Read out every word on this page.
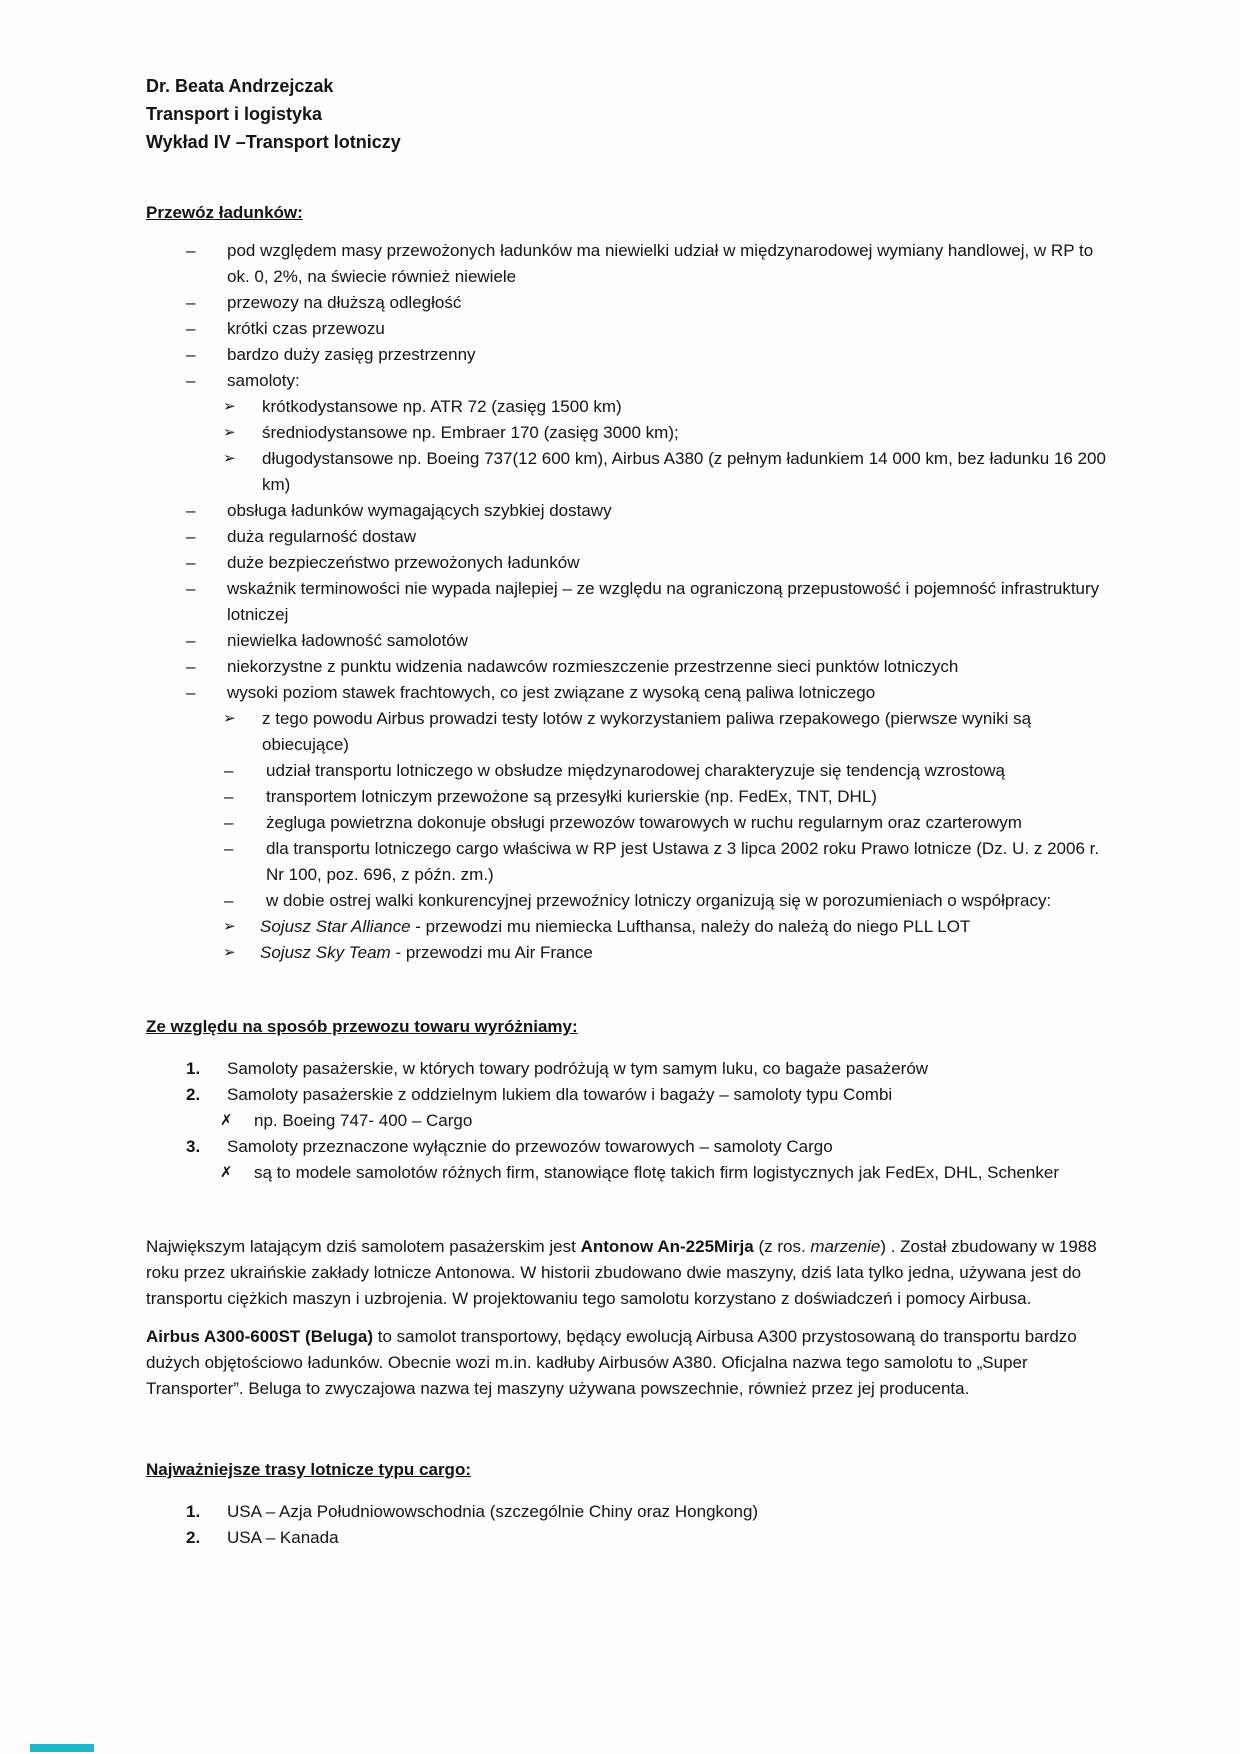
Dr. Beata Andrzejczak
Transport i logistyka
Wykład IV –Transport lotniczy
Przewóz ładunków:
–	pod względem masy przewożonych ładunków ma niewielki udział w międzynarodowej wymiany handlowej, w RP to ok. 0, 2%, na świecie również niewiele
–	przewozy na dłuższą odległość
–	krótki czas przewozu
–	bardzo duży zasięg przestrzenny
–	samoloty:
➢	krótkodystansowe np. ATR 72 (zasięg 1500 km)
➢	średniodystansowe np. Embraer 170 (zasięg 3000 km);
➢	długodystansowe np. Boeing 737(12 600 km), Airbus A380 (z pełnym ładunkiem 14 000 km, bez ładunku 16 200 km)
–	obsługa ładunków wymagających szybkiej dostawy
–	duża regularność dostaw
–	duże bezpieczeństwo przewożonych ładunków
–	wskaźnik terminowości nie wypada najlepiej – ze względu na ograniczoną przepustowość i pojemność infrastruktury lotniczej
–	niewielka ładowność samolotów
–	niekorzystne z punktu widzenia nadawców rozmieszczenie przestrzenne sieci punktów lotniczych
–	wysoki poziom stawek frachtowych, co jest związane z wysoką ceną paliwa lotniczego
➢	z tego powodu Airbus prowadzi testy lotów z wykorzystaniem paliwa rzepakowego (pierwsze wyniki są obiecujące)
–	udział transportu lotniczego w obsłudze międzynarodowej charakteryzuje się tendencją wzrostową
–	transportem lotniczym przewożone są przesyłki kurierskie (np. FedEx, TNT, DHL)
–	żegluga powietrzna dokonuje obsługi przewozów towarowych w ruchu regularnym oraz czarterowym
–	dla transportu lotniczego cargo właściwa w RP jest Ustawa z 3 lipca 2002 roku Prawo lotnicze (Dz. U. z 2006 r. Nr 100, poz. 696, z późn. zm.)
–	w dobie ostrej walki konkurencyjnej przewoźnicy lotniczy organizują się w porozumieniach o współpracy:
➢	Sojusz Star Alliance - przewodzi mu niemiecka Lufthansa, należy do należą do niego PLL LOT
➢	Sojusz Sky Team - przewodzi mu Air France
Ze względu na sposób przewozu towaru wyróżniamy:
1.	Samoloty pasażerskie, w których towary podróżują w tym samym luku, co bagaże pasażerów
2.	Samoloty pasażerskie z oddzielnym lukiem dla towarów i bagaży – samoloty typu Combi
✗	np. Boeing 747- 400 – Cargo
3.	Samoloty przeznaczone wyłącznie do przewozów towarowych – samoloty Cargo
✗	są to modele samolotów różnych firm, stanowiące flotę takich firm logistycznych jak FedEx, DHL, Schenker

Największym latającym dziś samolotem pasażerskim jest Antonow An-225Mirja (z ros. marzenie) . Został zbudowany w 1988 roku przez ukraińskie zakłady lotnicze Antonowa. W historii zbudowano dwie maszyny, dziś lata tylko jedna, używana jest do transportu ciężkich maszyn i uzbrojenia. W projektowaniu tego samolotu korzystano z doświadczeń i pomocy Airbusa.

Airbus A300-600ST (Beluga) to samolot transportowy, będący ewolucją Airbusa A300 przystosowaną do transportu bardzo dużych objętościowo ładunków. Obecnie wozi m.in. kadłuby Airbusów A380. Oficjalna nazwa tego samolotu to „Super Transporter”. Beluga to zwyczajowa nazwa tej maszyny używana powszechnie, również przez jej producenta.

Najważniejsze trasy lotnicze typu cargo:
1.	USA – Azja Południowowschodnia (szczególnie Chiny oraz Hongkong)
2.	USA – Kanada
